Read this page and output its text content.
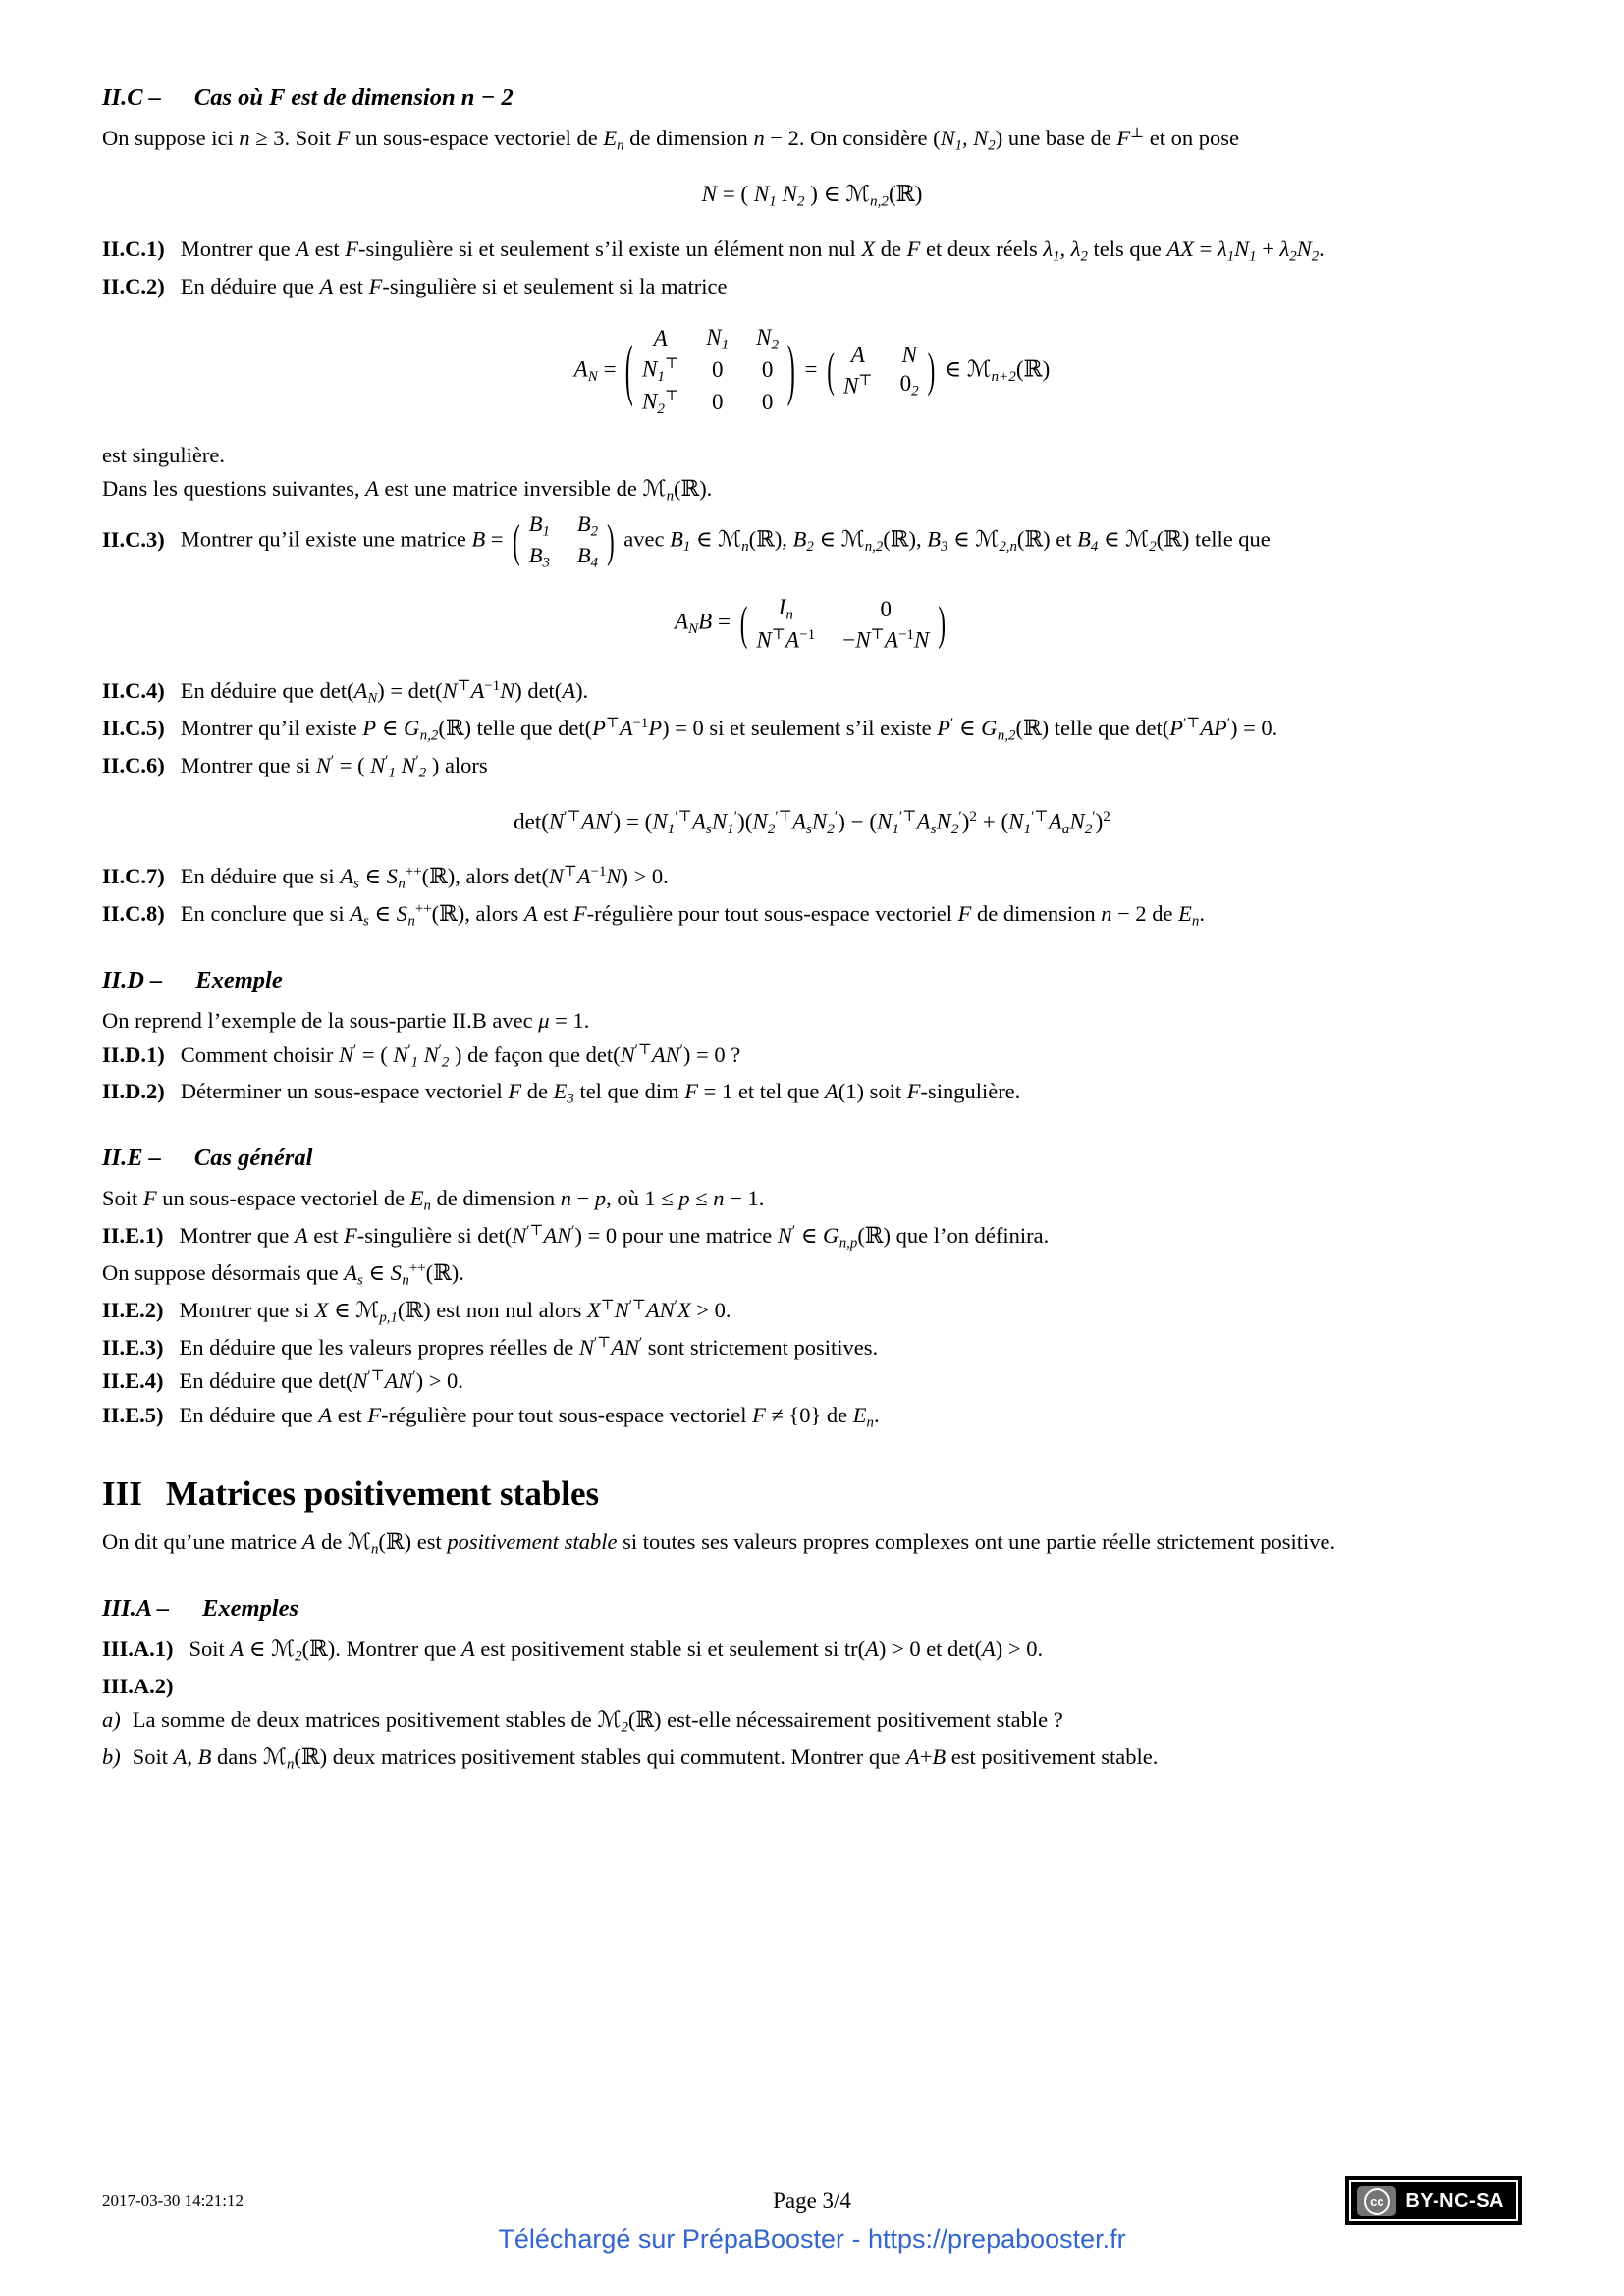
II.C – Cas où F est de dimension n − 2
On suppose ici n ≥ 3. Soit F un sous-espace vectoriel de En de dimension n − 2. On considère (N1, N2) une base de F⊥ et on pose
N = ( N1 N2 ) ∈ ℳn,2(ℝ)
II.C.1) Montrer que A est F-singulière si et seulement s’il existe un élément non nul X de F et deux réels λ1, λ2 tels que AX = λ1N1 + λ2N2.
II.C.2) En déduire que A est F-singulière si et seulement si la matrice
AN = ( A N1 N2
N1⊤ 0 0
N2⊤ 0 0 ) = ( A N
N⊤ 02 ) ∈ ℳn+2(ℝ)
est singulière.
Dans les questions suivantes, A est une matrice inversible de ℳn(ℝ).
II.C.3) Montrer qu’il existe une matrice B = ( B1 B2
B3 B4 ) avec B1 ∈ ℳn(ℝ), B2 ∈ ℳn,2(ℝ), B3 ∈ ℳ2,n(ℝ) et B4 ∈ ℳ2(ℝ) telle que
ANB = ( In	0
$N^⊤A^{-1} -N^⊤A^{-1}N$ )
II.C.4) En déduire que $\det(AN) = \det(N^⊤A^{-1}N)$ det(A).
II.C.5) Montrer qu’il existe P ∈ Gn,2(ℝ) telle que $\det(P^⊤A^{-1}P) = 0$ si et seulement s’il existe P′ ∈ Gn,2(ℝ) telle que det(P′⊤AP′) = 0.
II.C.6) Montrer que si N′ = ( N′1 N′2 ) alors
$\det(N^{'⊤}AN') = (N1^{'⊤}AsN1')(N2^{'⊤}AsN2') - (N1^{'⊤}AsN2')^2 + (N1^{'⊤}AaN2')^2$
II.C.7) En déduire que si As ∈ Sn++(ℝ), alors $\det(N^⊤A^{-1}N) > 0$.
II.C.8) En conclure que si As ∈ Sn++(ℝ), alors A est F-régulière pour tout sous-espace vectoriel F de dimension n − 2 de En.
II.D – Exemple
On reprend l’exemple de la sous-partie II.B avec μ = 1.
II.D.1) Comment choisir N′ = ( N′1 N′2 ) de façon que det(N′⊤AN′) = 0 ?
II.D.2) Déterminer un sous-espace vectoriel F de E3 tel que dim F = 1 et tel que A(1) soit F-singulière.
II.E – Cas général
Soit F un sous-espace vectoriel de En de dimension n − p, où 1 ≤ p ≤ n − 1.
II.E.1) Montrer que A est F-singulière si det(N′⊤AN′) = 0 pour une matrice N′ ∈ Gn,p(ℝ) que l’on définira.
On suppose désormais que As ∈ Sn++(ℝ).
II.E.2) Montrer que si X ∈ ℳp,1(ℝ) est non nul alors X⊤N′⊤AN′X > 0.
II.E.3) En déduire que les valeurs propres réelles de N′⊤AN′ sont strictement positives.
II.E.4) En déduire que det(N′⊤AN′) > 0.
II.E.5) En déduire que A est F-régulière pour tout sous-espace vectoriel F ≠ {0} de En.
III Matrices positivement stables
On dit qu’une matrice A de ℳn(ℝ) est positivement stable si toutes ses valeurs propres complexes ont une partie réelle strictement positive.
III.A – Exemples
III.A.1) Soit A ∈ ℳ2(ℝ). Montrer que A est positivement stable si et seulement si tr(A) > 0 et det(A) > 0.
III.A.2)
a) La somme de deux matrices positivement stables de ℳ2(ℝ) est-elle nécessairement positivement stable ?
b) Soit A, B dans ℳn(ℝ) deux matrices positivement stables qui commutent. Montrer que A+B est positivement stable.
2017-03-30 14:21:12	Page 3/4	cc	BY-NC-SA
Téléchargé sur PrépaBooster - https://prepabooster.fr
